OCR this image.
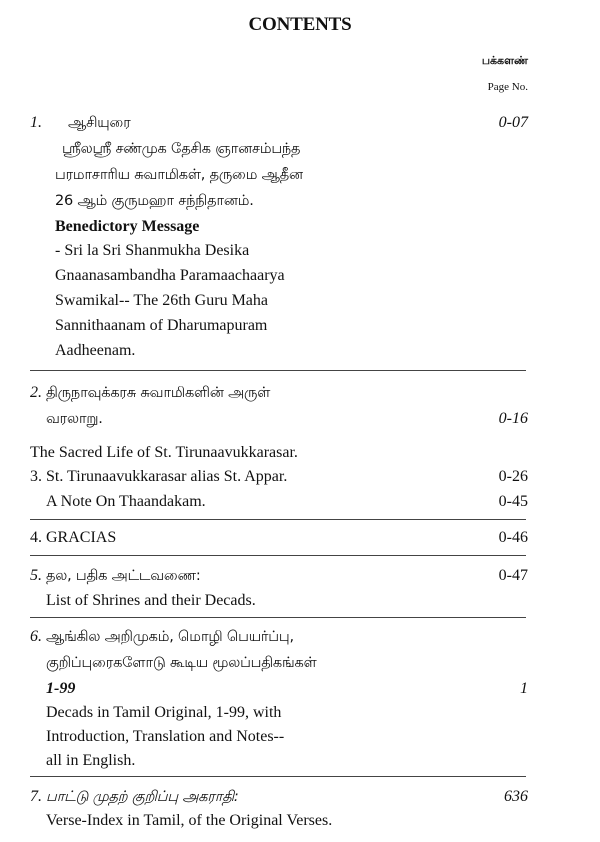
CONTENTS
பக்களண்
Page No.
1. ஆசியுரை	0-07
ஸ்ரீலஸ்ரீ சண்முக தேசிக ஞானசம்பந்த
பரமாசாரிய சுவாமிகள், தருமை ஆதீன
26 ஆம் குருமஹா சந்நிதானம்.
Benedictory Message
- Sri la Sri Shanmukha Desika
Gnaanasambandha Paramaachaarya
Swamikal-- The 26th Guru Maha
Sannithaanam of Dharumapuram
Aadheenam.
2. திருநாவுக்கரசு சுவாமிகளின் அருள்
வரலாறு.	0-16
The Sacred Life of St. Tirunaavukkarasar.
3. St. Tirunaavukkarasar alias St. Appar.	0-26
A Note On Thaandakam.	0-45
4. GRACIAS	0-46
5. தல, பதிக அட்டவணை:	0-47
List of Shrines and their Decads.
6. ஆங்கில அறிமுகம், மொழி பெயர்ப்பு,
குறிப்புரைகளோடு கூடிய மூலப்பதிகங்கள்
1-99	1
Decads in Tamil Original, 1-99, with
Introduction, Translation and Notes--
all in English.
7. பாட்டு முதற் குறிப்பு அகராதி:	636
Verse-Index in Tamil, of the Original Verses.
